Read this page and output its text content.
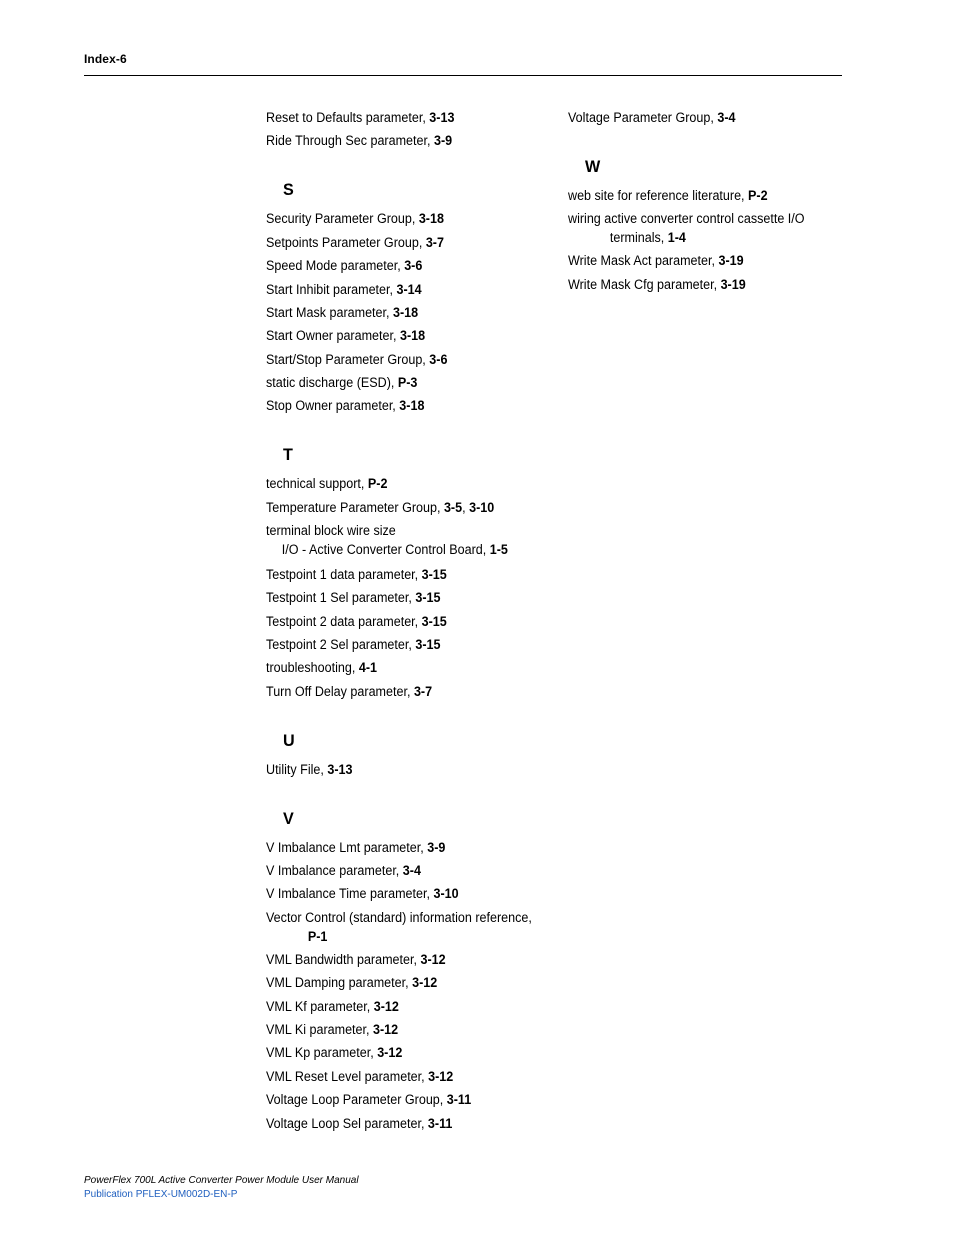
Index-6
Reset to Defaults parameter, 3-13
Ride Through Sec parameter, 3-9
S
Security Parameter Group, 3-18
Setpoints Parameter Group, 3-7
Speed Mode parameter, 3-6
Start Inhibit parameter, 3-14
Start Mask parameter, 3-18
Start Owner parameter, 3-18
Start/Stop Parameter Group, 3-6
static discharge (ESD), P-3
Stop Owner parameter, 3-18
T
technical support, P-2
Temperature Parameter Group, 3-5, 3-10
terminal block wire size
I/O - Active Converter Control Board, 1-5
Testpoint 1 data parameter, 3-15
Testpoint 1 Sel parameter, 3-15
Testpoint 2 data parameter, 3-15
Testpoint 2 Sel parameter, 3-15
troubleshooting, 4-1
Turn Off Delay parameter, 3-7
U
Utility File, 3-13
V
V Imbalance Lmt parameter, 3-9
V Imbalance parameter, 3-4
V Imbalance Time parameter, 3-10
Vector Control (standard) information reference,
P-1
VML Bandwidth parameter, 3-12
VML Damping parameter, 3-12
VML Kf parameter, 3-12
VML Ki parameter, 3-12
VML Kp parameter, 3-12
VML Reset Level parameter, 3-12
Voltage Loop Parameter Group, 3-11
Voltage Loop Sel parameter, 3-11
Voltage Parameter Group, 3-4
W
web site for reference literature, P-2
wiring active converter control cassette I/O
terminals, 1-4
Write Mask Act parameter, 3-19
Write Mask Cfg parameter, 3-19
PowerFlex 700L Active Converter Power Module User Manual
Publication PFLEX-UM002D-EN-P
